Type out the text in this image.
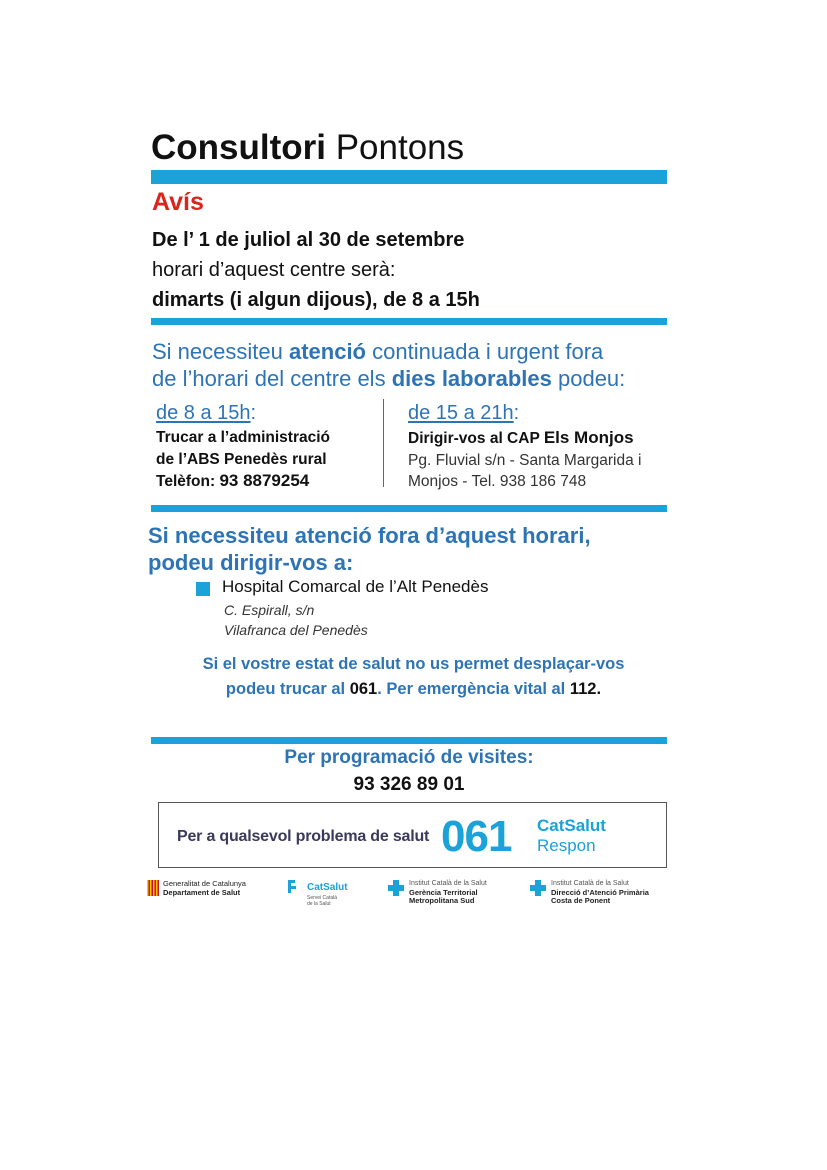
Consultori Pontons
Avís
De l’ 1 de juliol al 30 de setembre
horari d’aquest centre serà:
dimarts (i algun dijous), de 8 a 15h
Si necessiteu atenció continuada i urgent fora
de l’horari del centre els dies laborables podeu:
de 8 a 15h:
Trucar a l’administració
de l’ABS Penedès rural
Telèfon: 93 8879254
de 15 a 21h:
Dirigir-vos al CAP Els Monjos
Pg. Fluvial s/n - Santa Margarida i
Monjos - Tel. 938 186 748
Si necessiteu atenció fora d’aquest horari,
podeu dirigir-vos a:
Hospital Comarcal de l’Alt Penedès
C. Espirall, s/n
Vilafranca del Penedès
Si el vostre estat de salut no us permet desplaçar-vos
podeu trucar al 061. Per emergència vital al 112.
Per programació de visites:
93 326 89 01
Per a qualsevol problema de salut 061 CatSalut
Respon
Generalitat de Catalunya
Departament de Salut	CatSalut
Servei Català
de la Salut
Institut Català de la Salut
Gerència Territorial
Metropolitana Sud
Institut Català de la Salut
Direcció d’Atenció Primària
Costa de Ponent
